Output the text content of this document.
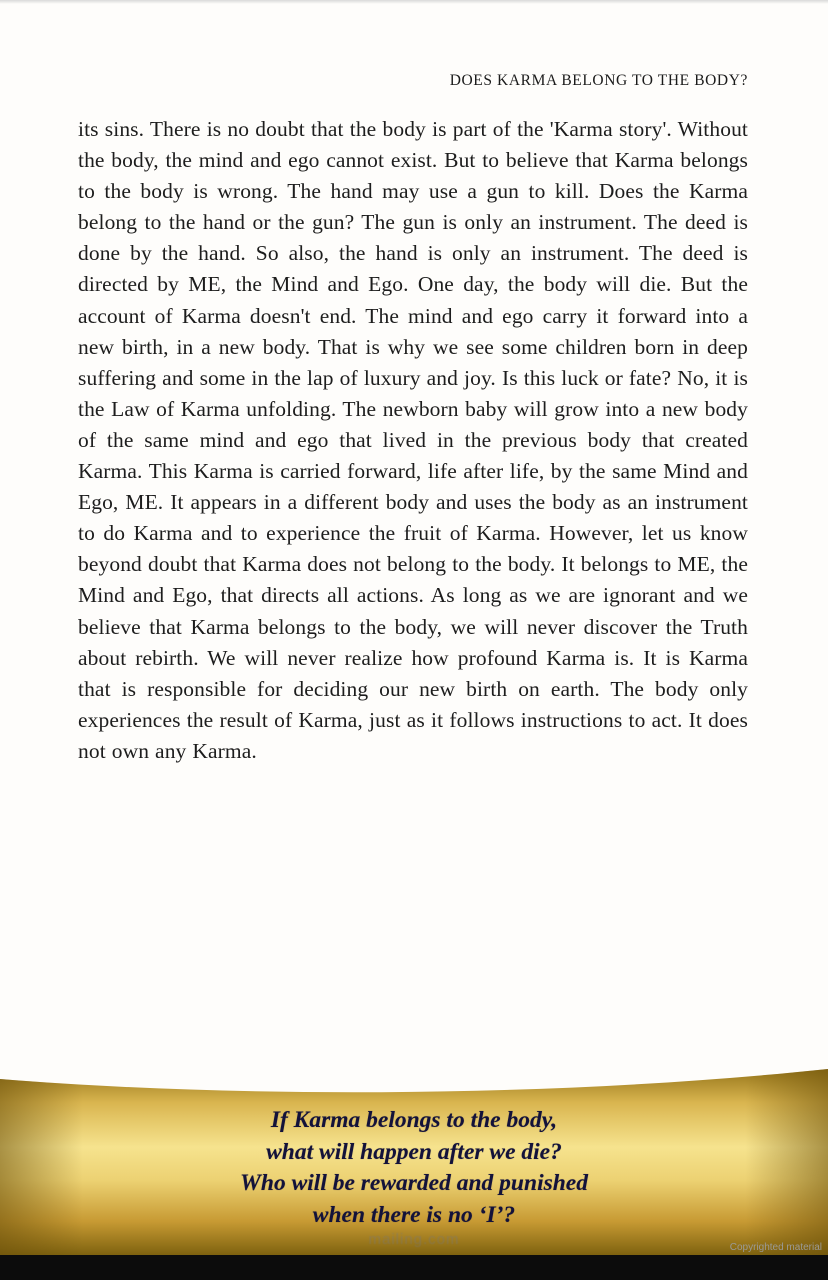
DOES KARMA BELONG TO THE BODY?
its sins. There is no doubt that the body is part of the 'Karma story'. Without the body, the mind and ego cannot exist. But to believe that Karma belongs to the body is wrong. The hand may use a gun to kill. Does the Karma belong to the hand or the gun? The gun is only an instrument. The deed is done by the hand. So also, the hand is only an instrument. The deed is directed by ME, the Mind and Ego. One day, the body will die. But the account of Karma doesn't end. The mind and ego carry it forward into a new birth, in a new body. That is why we see some children born in deep suffering and some in the lap of luxury and joy. Is this luck or fate? No, it is the Law of Karma unfolding. The newborn baby will grow into a new body of the same mind and ego that lived in the previous body that created Karma. This Karma is carried forward, life after life, by the same Mind and Ego, ME. It appears in a different body and uses the body as an instrument to do Karma and to experience the fruit of Karma. However, let us know beyond doubt that Karma does not belong to the body. It belongs to ME, the Mind and Ego, that directs all actions. As long as we are ignorant and we believe that Karma belongs to the body, we will never discover the Truth about rebirth. We will never realize how profound Karma is. It is Karma that is responsible for deciding our new birth on earth. The body only experiences the result of Karma, just as it follows instructions to act. It does not own any Karma.
If Karma belongs to the body,
what will happen after we die?
Who will be rewarded and punished
when there is no ‘I’?
mailing.com	Copyrighted material
